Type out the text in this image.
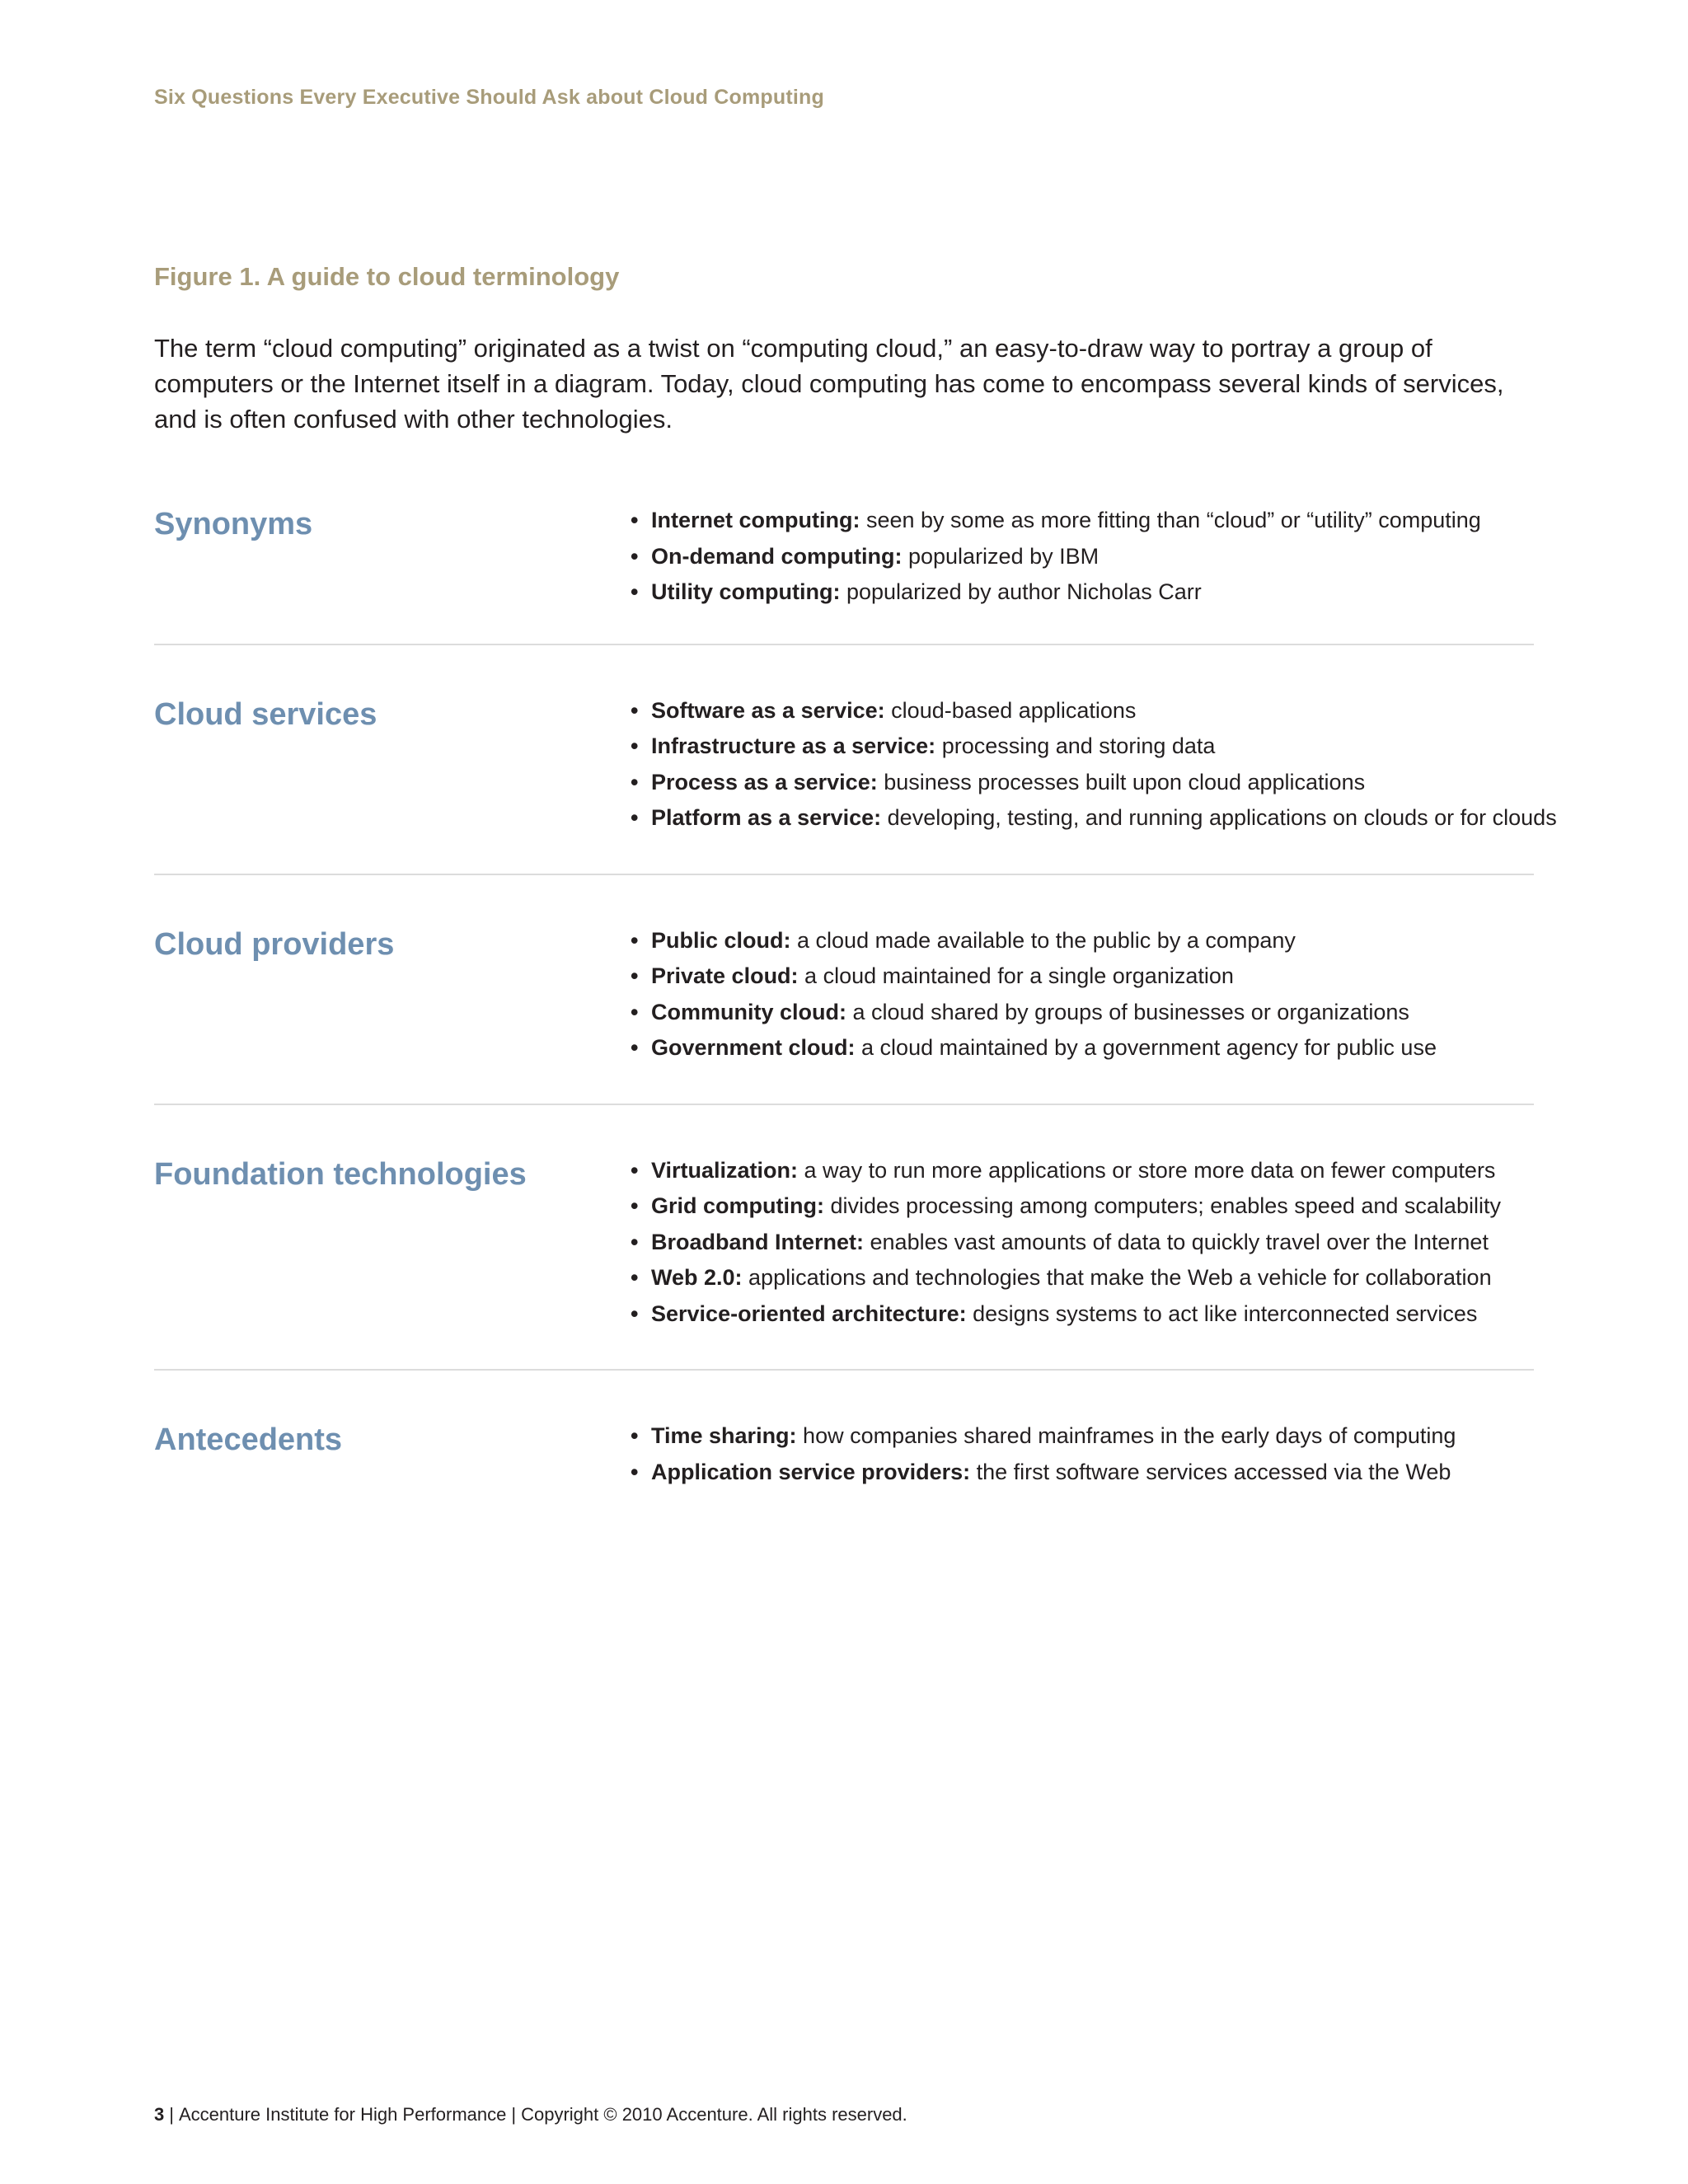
Six Questions Every Executive Should Ask about Cloud Computing
Figure 1. A guide to cloud terminology

The term “cloud computing” originated as a twist on “computing cloud,” an easy-to-draw way to portray a group of computers or the Internet itself in a diagram. Today, cloud computing has come to encompass several kinds of services, and is often confused with other technologies.

Synonyms	• Internet computing: seen by some as more fitting than “cloud” or “utility” computing
• On-demand computing: popularized by IBM
• Utility computing: popularized by author Nicholas Carr
Cloud services	• Software as a service: cloud-based applications
• Infrastructure as a service: processing and storing data
• Process as a service: business processes built upon cloud applications
• Platform as a service: developing, testing, and running applications on clouds or for clouds
Cloud providers	• Public cloud: a cloud made available to the public by a company
• Private cloud: a cloud maintained for a single organization
• Community cloud: a cloud shared by groups of businesses or organizations
• Government cloud: a cloud maintained by a government agency for public use
Foundation technologies	• Virtualization: a way to run more applications or store more data on fewer computers
• Grid computing: divides processing among computers; enables speed and scalability
• Broadband Internet: enables vast amounts of data to quickly travel over the Internet
• Web 2.0: applications and technologies that make the Web a vehicle for collaboration
• Service-oriented architecture: designs systems to act like interconnected services
Antecedents	• Time sharing: how companies shared mainframes in the early days of computing
• Application service providers: the first software services accessed via the Web
3 | Accenture Institute for High Performance | Copyright © 2010 Accenture. All rights reserved.
